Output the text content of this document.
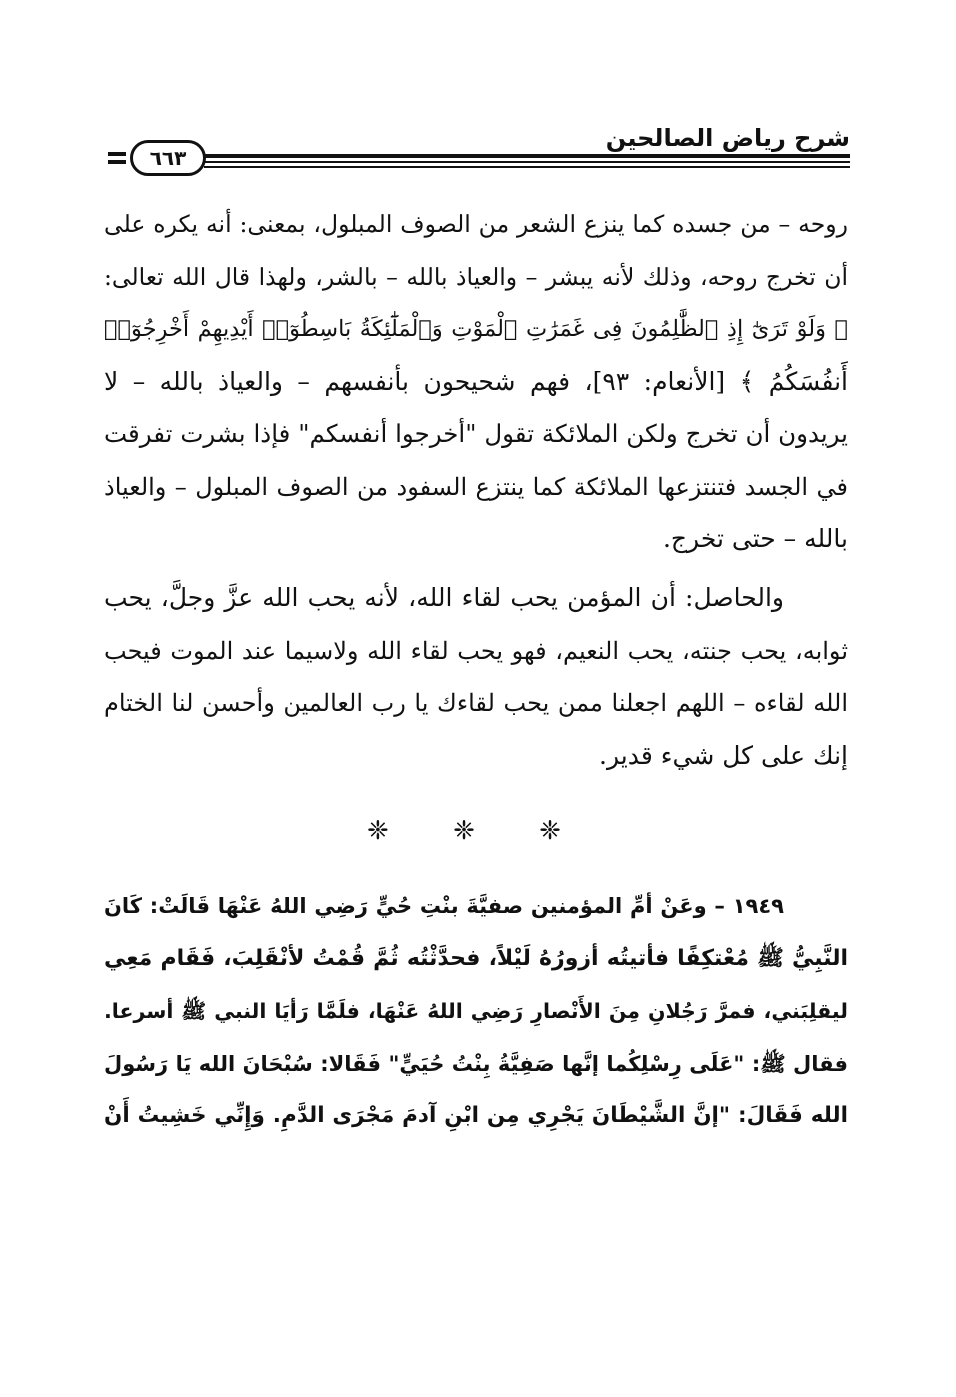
٦٦٣
شرح رياض الصالحين
روحه – من جسده كما ينزع الشعر من الصوف المبلول، بمعنى: أنه يكره على
أن تخرج روحه، وذلك لأنه يبشر – والعياذ بالله – بالشر، ولهذا قال الله تعالى:
﴿ وَلَوْ تَرَىٰٓ إِذِ ٱلظَّٰلِمُونَ فِى غَمَرَٰتِ ٱلْمَوْتِ وَٱلْمَلَٰٓئِكَةُ بَاسِطُوٓا۟ أَيْدِيهِمْ أَخْرِجُوٓا۟
أَنفُسَكُمُ ﴾ [الأنعام: ٩٣]، فهم شحيحون بأنفسهم – والعياذ بالله – لا
يريدون أن تخرج ولكن الملائكة تقول "أخرجوا أنفسكم" فإذا بشرت تفرقت
في الجسد فتنتزعها الملائكة كما ينتزع السفود من الصوف المبلول – والعياذ
بالله – حتى تخرج.
والحاصل: أن المؤمن يحب لقاء الله، لأنه يحب الله عزَّ وجلَّ، يحب
ثوابه، يحب جنته، يحب النعيم، فهو يحب لقاء الله ولاسيما عند الموت فيحب
الله لقاءه – اللهم اجعلنا ممن يحب لقاءك يا رب العالمين وأحسن لنا الختام
إنك على كل شيء قدير.
❈ ❈ ❈
١٩٤٩ – وعَنْ أمِّ المؤمنين صفيَّةَ بنْتِ حُيٍّ رَضِي اللهُ عَنْهَا قَالَتْ: كَانَ
النَّبِيُّ ﷺ مُعْتكِفًا فأتيتُه أزورُهُ لَيْلاً، فحدَّثْتُه ثُمَّ قُمْتُ لأنْقَلِبَ، فَقَام مَعِي
ليقلِبَني، فمرَّ رَجُلانِ مِنَ الأَنْصارِ رَضِي اللهُ عَنْهَا، فلَمَّا رَأيَا النبي ﷺ أسرعا.
فقال ﷺ: "عَلَى رِسْلِكُما إنَّها صَفِيَّةُ بِنْتُ حُيَيٍّ" فَقَالا: سُبْحَانَ الله يَا رَسُولَ
الله فَقَالَ: "إنَّ الشَّيْطَانَ يَجْرِي مِن ابْنِ آدمَ مَجْرَى الدَّمِ. وَإِنِّي خَشِيتُ أَنْ
